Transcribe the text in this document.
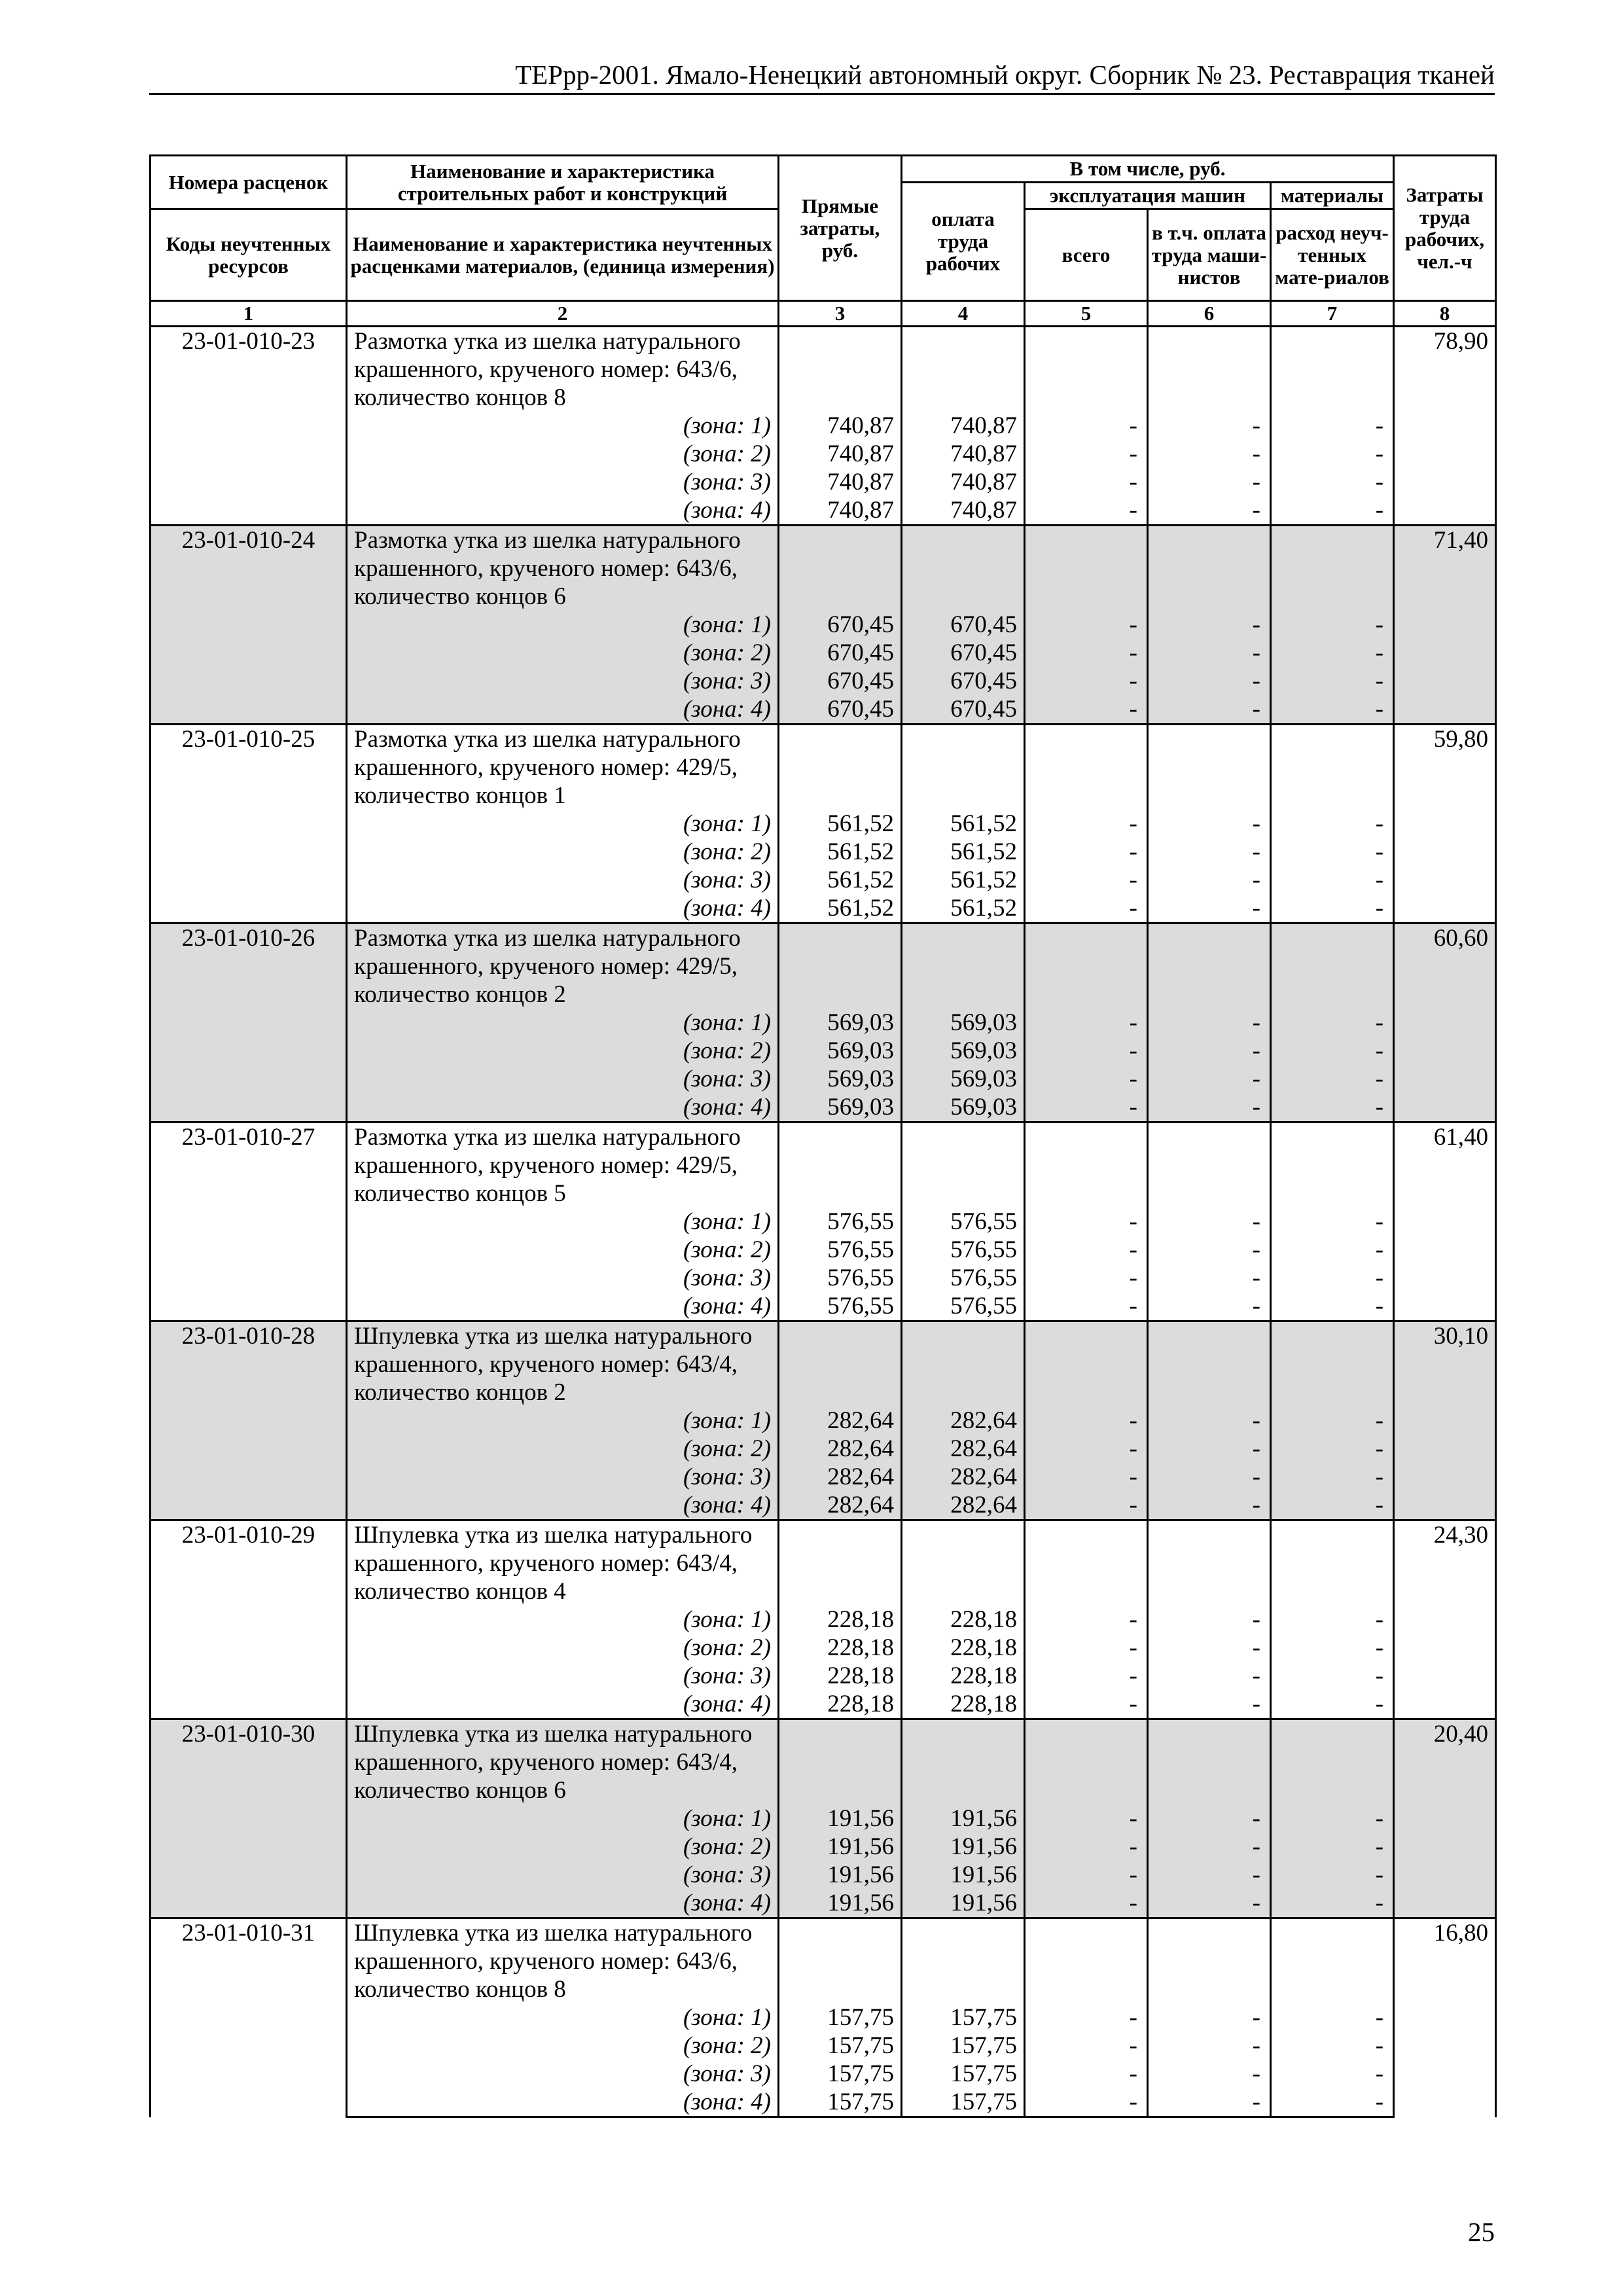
ТЕРрр-2001. Ямало-Ненецкий автономный округ. Сборник № 23. Реставрация тканей
Номера расценок	Наименование и характеристика строительных работ и конструкций	Прямые затраты, руб.	В том числе, руб.				Затраты труда рабочих, чел.-ч
			оплата труда рабочих	эксплуатация машин		материалы	
Коды неучтенных ресурсов	Наименование и характеристика неучтенных расценками материалов, (единица измерения)			всего	в т.ч. оплата труда маши-нистов	расход неуч-тенных мате-риалов	

1	2	3	4	5	6	7	8
23-01-010-23	Размотка утка из шелка натурального
крашенного, крученого номер: 643/6,
количество концов 8						78,90
	(зона: 1)	740,87	740,87	-	-	-	
	(зона: 2)	740,87	740,87	-	-	-	
	(зона: 3)	740,87	740,87	-	-	-	
	(зона: 4)	740,87	740,87	-	-	-	
23-01-010-24	Размотка утка из шелка натурального
крашенного, крученого номер: 643/6,
количество концов 6						71,40
	(зона: 1)	670,45	670,45	-	-	-	
	(зона: 2)	670,45	670,45	-	-	-	
	(зона: 3)	670,45	670,45	-	-	-	
	(зона: 4)	670,45	670,45	-	-	-	
23-01-010-25	Размотка утка из шелка натурального
крашенного, крученого номер: 429/5,
количество концов 1						59,80
	(зона: 1)	561,52	561,52	-	-	-	
	(зона: 2)	561,52	561,52	-	-	-	
	(зона: 3)	561,52	561,52	-	-	-	
	(зона: 4)	561,52	561,52	-	-	-	
23-01-010-26	Размотка утка из шелка натурального
крашенного, крученого номер: 429/5,
количество концов 2						60,60
	(зона: 1)	569,03	569,03	-	-	-	
	(зона: 2)	569,03	569,03	-	-	-	
	(зона: 3)	569,03	569,03	-	-	-	
	(зона: 4)	569,03	569,03	-	-	-	
23-01-010-27	Размотка утка из шелка натурального
крашенного, крученого номер: 429/5,
количество концов 5						61,40
	(зона: 1)	576,55	576,55	-	-	-	
	(зона: 2)	576,55	576,55	-	-	-	
	(зона: 3)	576,55	576,55	-	-	-	
	(зона: 4)	576,55	576,55	-	-	-	
23-01-010-28	Шпулевка утка из шелка натурального
крашенного, крученого номер: 643/4,
количество концов 2						30,10
	(зона: 1)	282,64	282,64	-	-	-	
	(зона: 2)	282,64	282,64	-	-	-	
	(зона: 3)	282,64	282,64	-	-	-	
	(зона: 4)	282,64	282,64	-	-	-	
23-01-010-29	Шпулевка утка из шелка натурального
крашенного, крученого номер: 643/4,
количество концов 4						24,30
	(зона: 1)	228,18	228,18	-	-	-	
	(зона: 2)	228,18	228,18	-	-	-	
	(зона: 3)	228,18	228,18	-	-	-	
	(зона: 4)	228,18	228,18	-	-	-	
23-01-010-30	Шпулевка утка из шелка натурального
крашенного, крученого номер: 643/4,
количество концов 6						20,40
	(зона: 1)	191,56	191,56	-	-	-	
	(зона: 2)	191,56	191,56	-	-	-	
	(зона: 3)	191,56	191,56	-	-	-	
	(зона: 4)	191,56	191,56	-	-	-	
23-01-010-31	Шпулевка утка из шелка натурального
крашенного, крученого номер: 643/6,
количество концов 8						16,80
	(зона: 1)	157,75	157,75	-	-	-	
	(зона: 2)	157,75	157,75	-	-	-	
	(зона: 3)	157,75	157,75	-	-	-	
	(зона: 4)	157,75	157,75	-	-	-	
25
